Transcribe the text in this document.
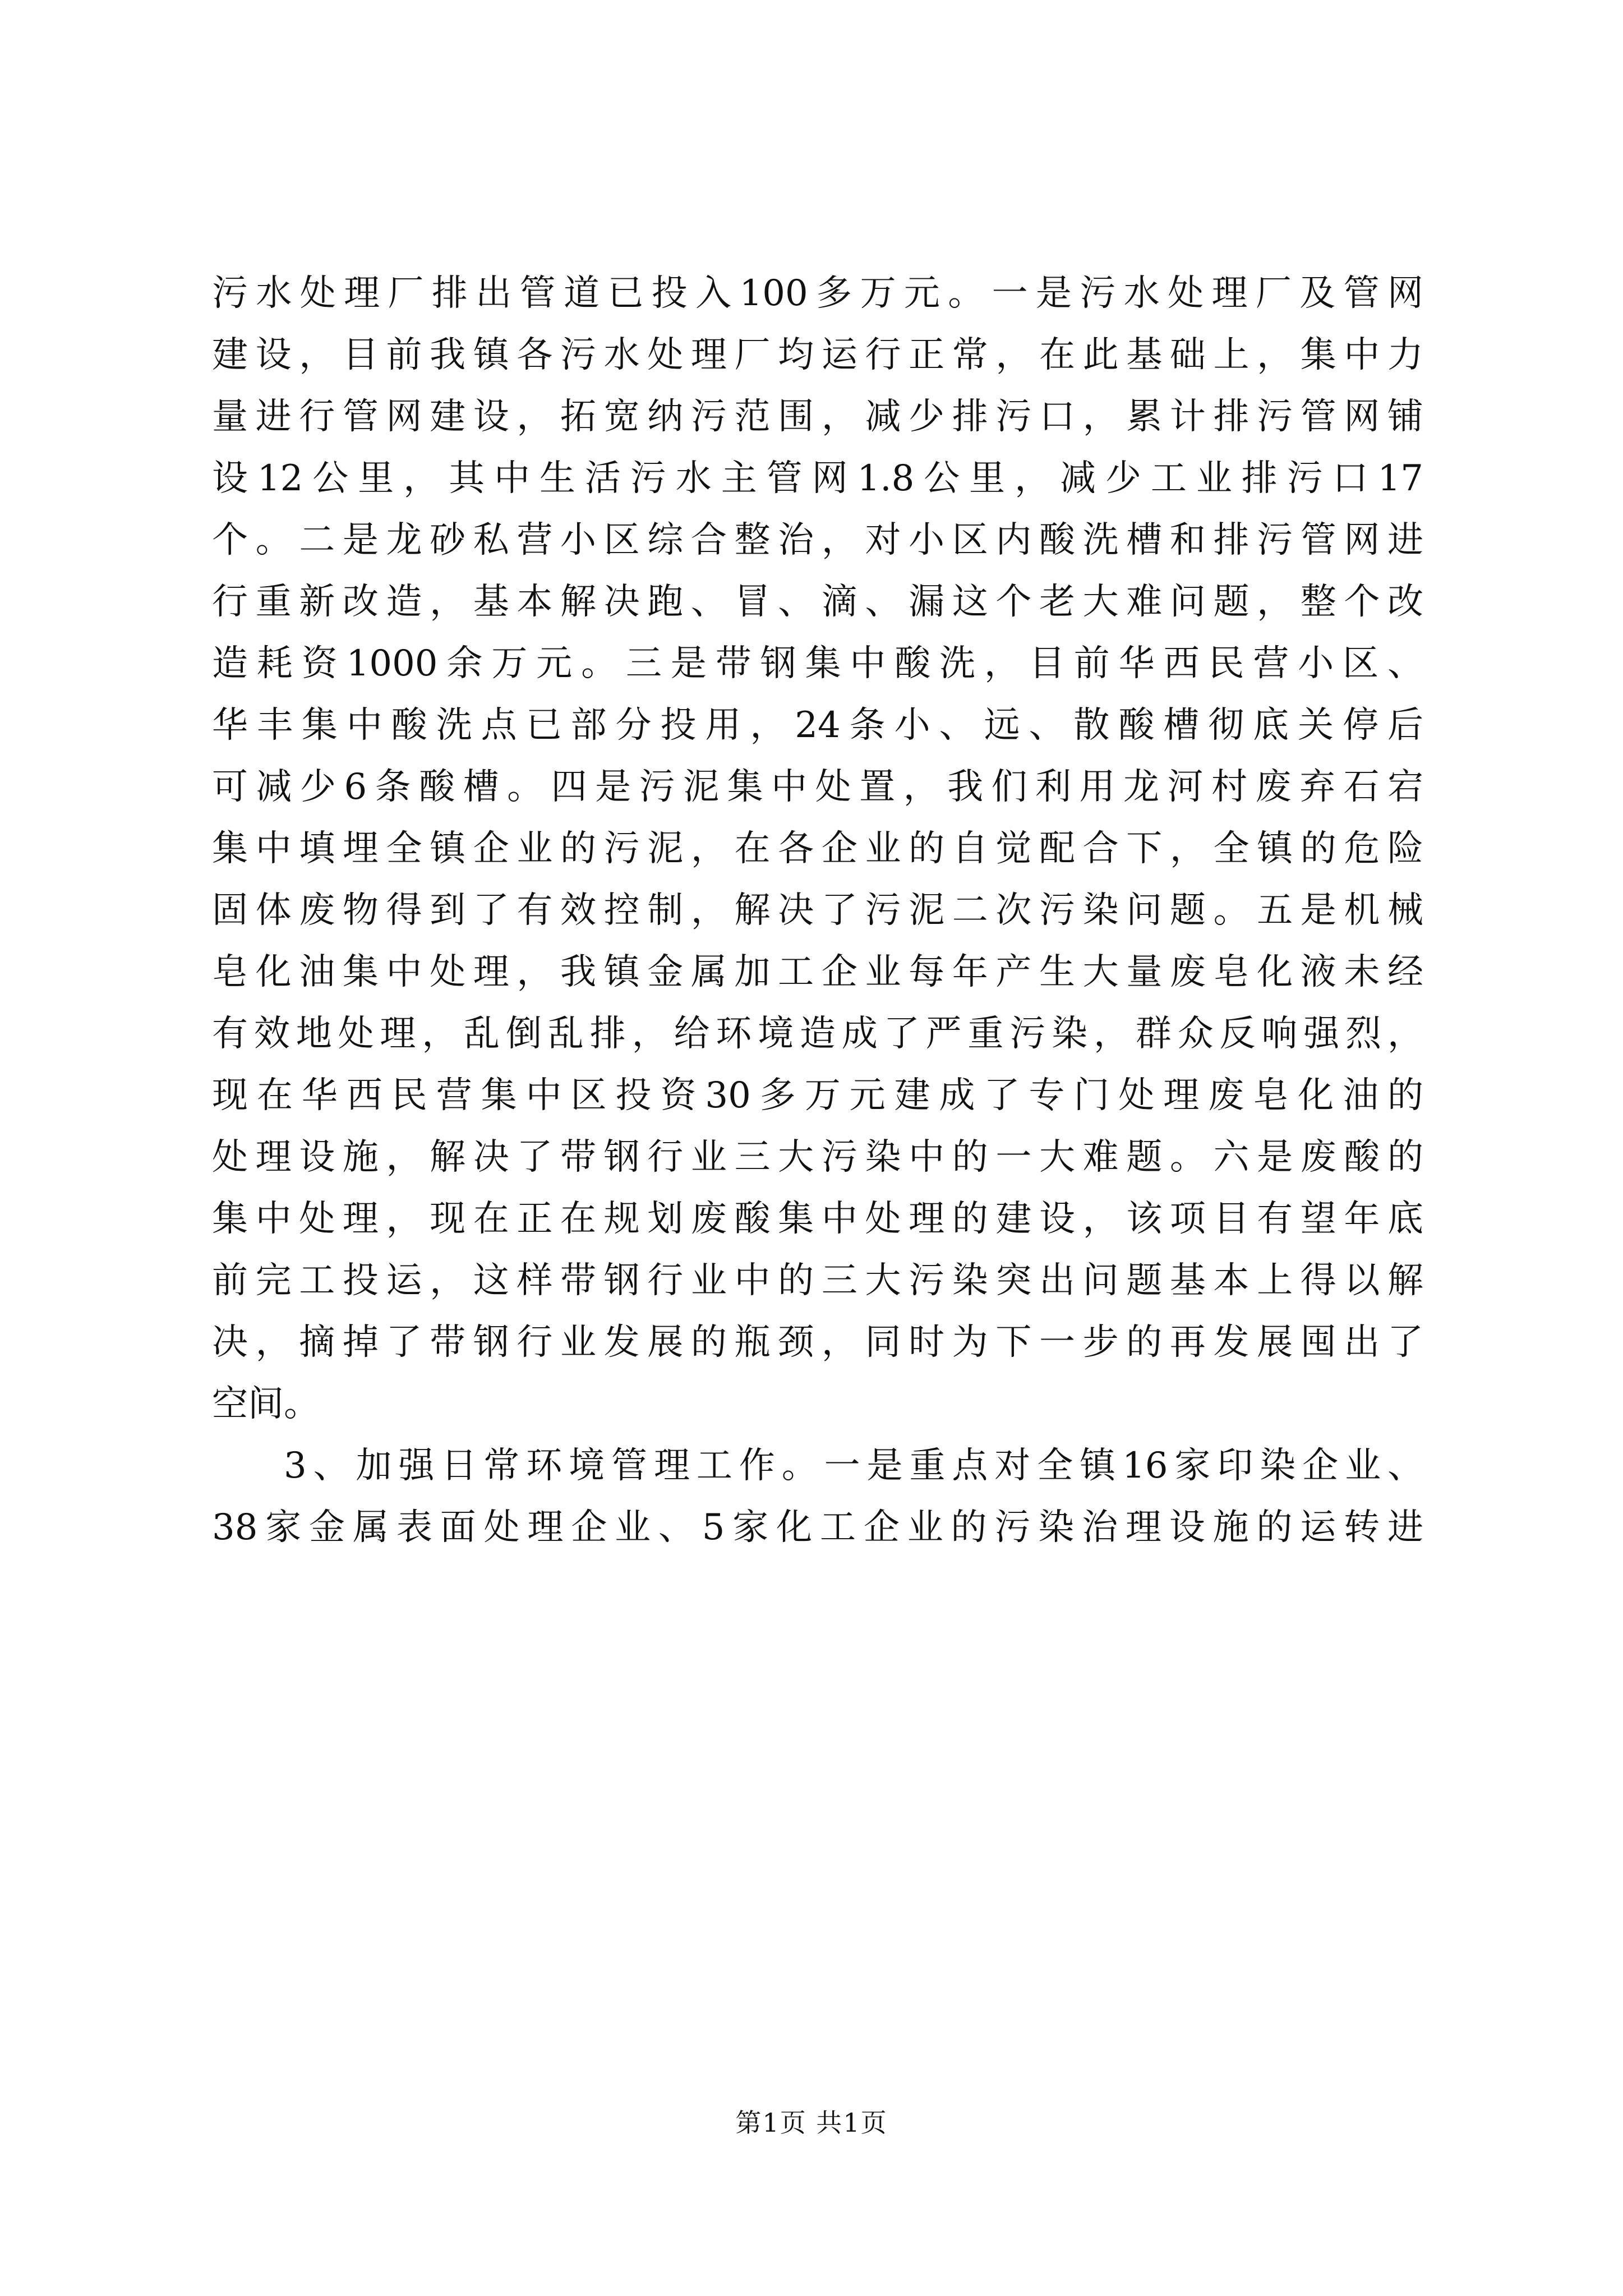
污水处理厂排出管道已投入100多万元。一是污水处理厂及管网
建设，目前我镇各污水处理厂均运行正常，在此基础上，集中力
量进行管网建设，拓宽纳污范围，减少排污口，累计排污管网铺
设12公里，其中生活污水主管网1.8公里，减少工业排污口17
个。二是龙砂私营小区综合整治，对小区内酸洗槽和排污管网进
行重新改造，基本解决跑、冒、滴、漏这个老大难问题，整个改
造耗资1000余万元。三是带钢集中酸洗，目前华西民营小区、
华丰集中酸洗点已部分投用，24条小、远、散酸槽彻底关停后
可减少6条酸槽。四是污泥集中处置，我们利用龙河村废弃石宕
集中填埋全镇企业的污泥，在各企业的自觉配合下，全镇的危险
固体废物得到了有效控制，解决了污泥二次污染问题。五是机械
皂化油集中处理，我镇金属加工企业每年产生大量废皂化液未经
有效地处理，乱倒乱排，给环境造成了严重污染，群众反响强烈，
现在华西民营集中区投资30多万元建成了专门处理废皂化油的
处理设施，解决了带钢行业三大污染中的一大难题。六是废酸的
集中处理，现在正在规划废酸集中处理的建设，该项目有望年底
前完工投运，这样带钢行业中的三大污染突出问题基本上得以解
决，摘掉了带钢行业发展的瓶颈，同时为下一步的再发展囤出了
空间。
3、加强日常环境管理工作。一是重点对全镇16家印染企业、
38家金属表面处理企业、5家化工企业的污染治理设施的运转进
第1页 共1页
